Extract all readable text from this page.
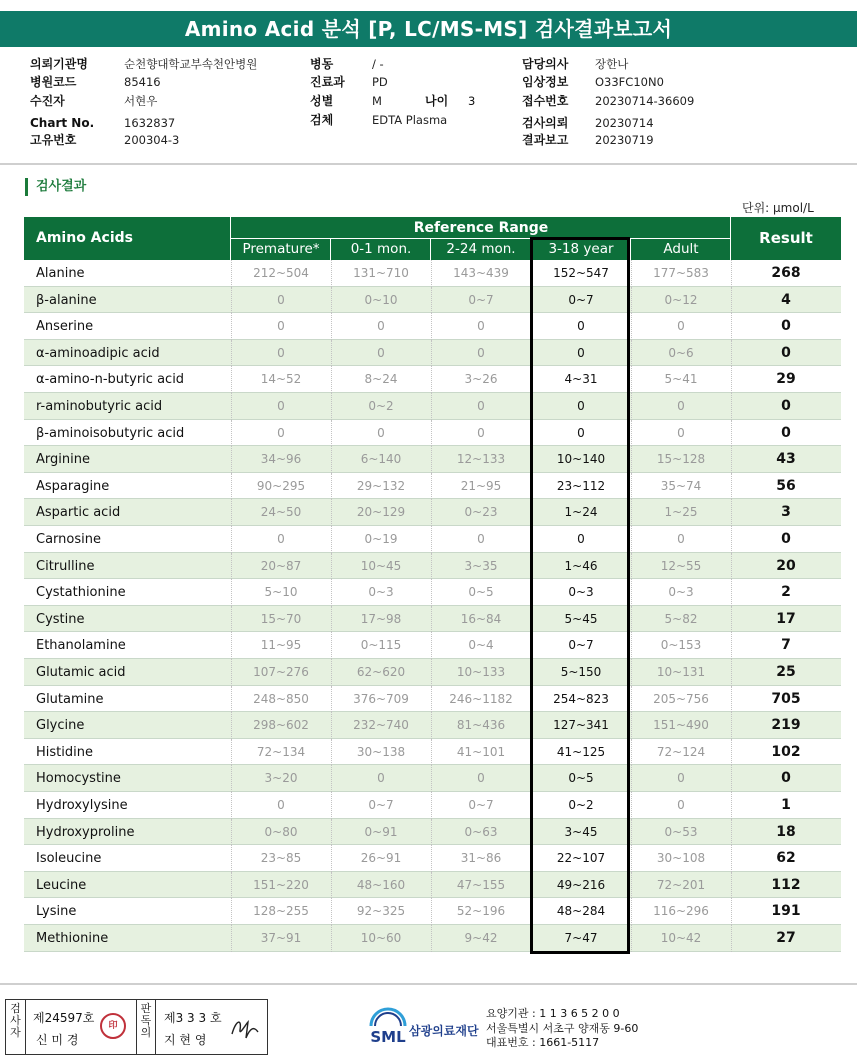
Amino Acid 분석 [P, LC/MS-MS] 검사결과보고서
의뢰기관명	순천향대학교부속천안병원
병원코드	85416
수진자	서현우
Chart No.	1632837
고유번호	200304-3
병동	/ -
진료과 PD
성별	M	나이 3
검체	EDTA Plasma
담당의사 장한나
임상정보 O33FC10N0
접수번호 20230714-36609
검사의뢰 20230714
결과보고 20230719
검사결과
단위: μmol/L
Amino Acids
Reference Range
Result
Premature*	0-1 mon.	2-24 mon.	3-18 year	Adult
Alanine	212~504	131~710	143~439	152~547	177~583	268
β-alanine	0	0~10	0~7	0~7	0~12	4
Anserine	0	0	0	0	0	0
α-aminoadipic acid	0	0	0	0	0~6	0
α-amino-n-butyric acid	14~52	8~24	3~26	4~31	5~41	29
r-aminobutyric acid	0	0~2	0	0	0	0
β-aminoisobutyric acid	0	0	0	0	0	0
Arginine	34~96	6~140	12~133	10~140	15~128	43
Asparagine	90~295	29~132	21~95	23~112	35~74	56
Aspartic acid	24~50	20~129	0~23	1~24	1~25	3
Carnosine	0	0~19	0	0	0	0
Citrulline	20~87	10~45	3~35	1~46	12~55	20
Cystathionine	5~10	0~3	0~5	0~3	0~3	2
Cystine	15~70	17~98	16~84	5~45	5~82	17
Ethanolamine	11~95	0~115	0~4	0~7	0~153	7
Glutamic acid	107~276	62~620	10~133	5~150	10~131	25
Glutamine	248~850	376~709	246~1182	254~823	205~756	705
Glycine	298~602	232~740	81~436	127~341	151~490	219
Histidine	72~134	30~138	41~101	41~125	72~124	102
Homocystine	3~20	0	0	0~5	0	0
Hydroxylysine	0	0~7	0~7	0~2	0	1
Hydroxyproline	0~80	0~91	0~63	3~45	0~53	18
Isoleucine	23~85	26~91	31~86	22~107	30~108	62
Leucine	151~220	48~160	47~155	49~216	72~201	112
Lysine	128~255	92~325	52~196	48~284	116~296	191
Methionine	37~91	10~60	9~42	7~47	10~42	27
검사자
제24597호
신 미 경
印
판독의
제3 3 3 호
지 현 영	SML 삼광의료재단
요양기관 : 1 1 3 6 5 2 0 0
서울특별시 서초구 양재동 9-60
대표번호 : 1661-5117
